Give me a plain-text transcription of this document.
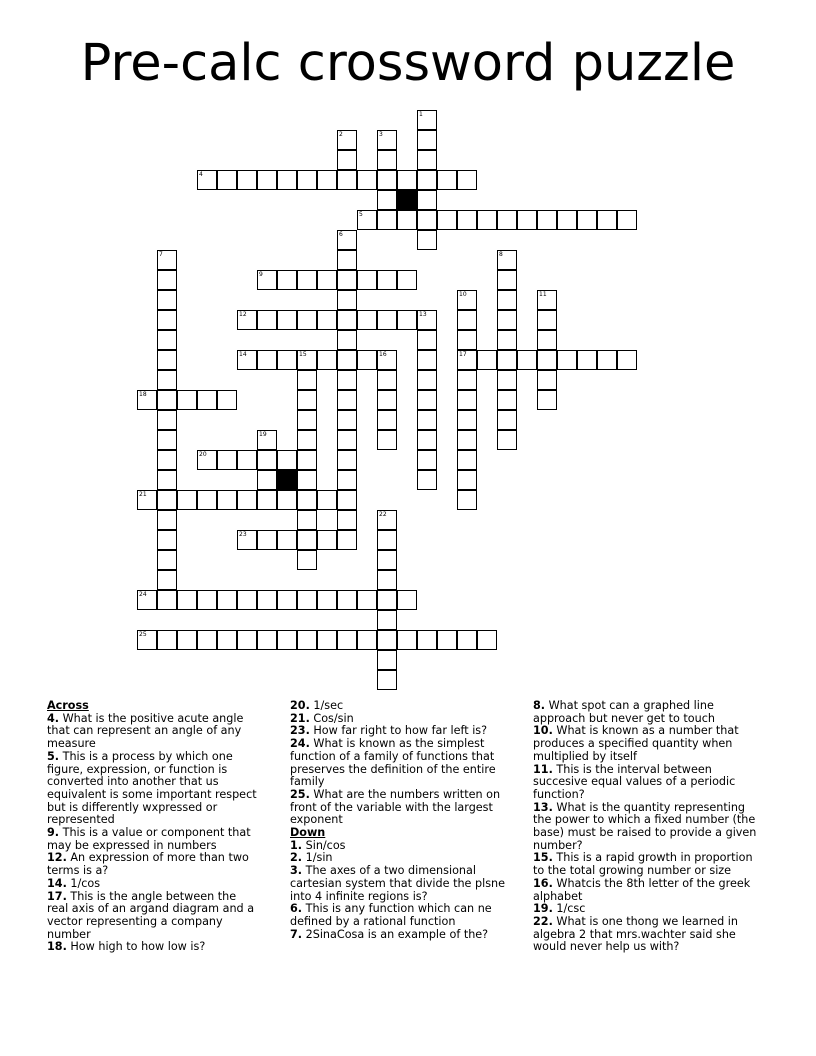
Pre-calc crossword puzzle
1
2	3
4
5
6
7	8
9
10	11
12	13
14	15	16	17
18
19
20
21
22
23
24
25
Across
4. What is the positive acute angle that can represent an angle of any measure
5. This is a process by which one figure, expression, or function is converted into another that us equivalent is some important respect but is differently wxpressed or represented
9. This is a value or component that may be expressed in numbers
12. An expression of more than two terms is a?
14. 1/cos
17. This is the angle between the real axis of an argand diagram and a vector representing a company number
18. How high to how low is?
20. 1/sec
21. Cos/sin
23. How far right to how far left is?
24. What is known as the simplest function of a family of functions that preserves the definition of the entire family
25. What are the numbers written on front of the variable with the largest exponent
Down
1. Sin/cos
2. 1/sin
3. The axes of a two dimensional cartesian system that divide the plsne into 4 infinite regions is?
6. This is any function which can ne defined by a rational function
7. 2SinaCosa is an example of the?
8. What spot can a graphed line approach but never get to touch
10. What is known as a number that produces a specified quantity when multiplied by itself
11. This is the interval between succesive equal values of a periodic function?
13. What is the quantity representing the power to which a fixed number (the base) must be raised to provide a given number?
15. This is a rapid growth in proportion to the total growing number or size
16. Whatcis the 8th letter of the greek alphabet
19. 1/csc
22. What is one thong we learned in algebra 2 that mrs.wachter said she would never help us with?
